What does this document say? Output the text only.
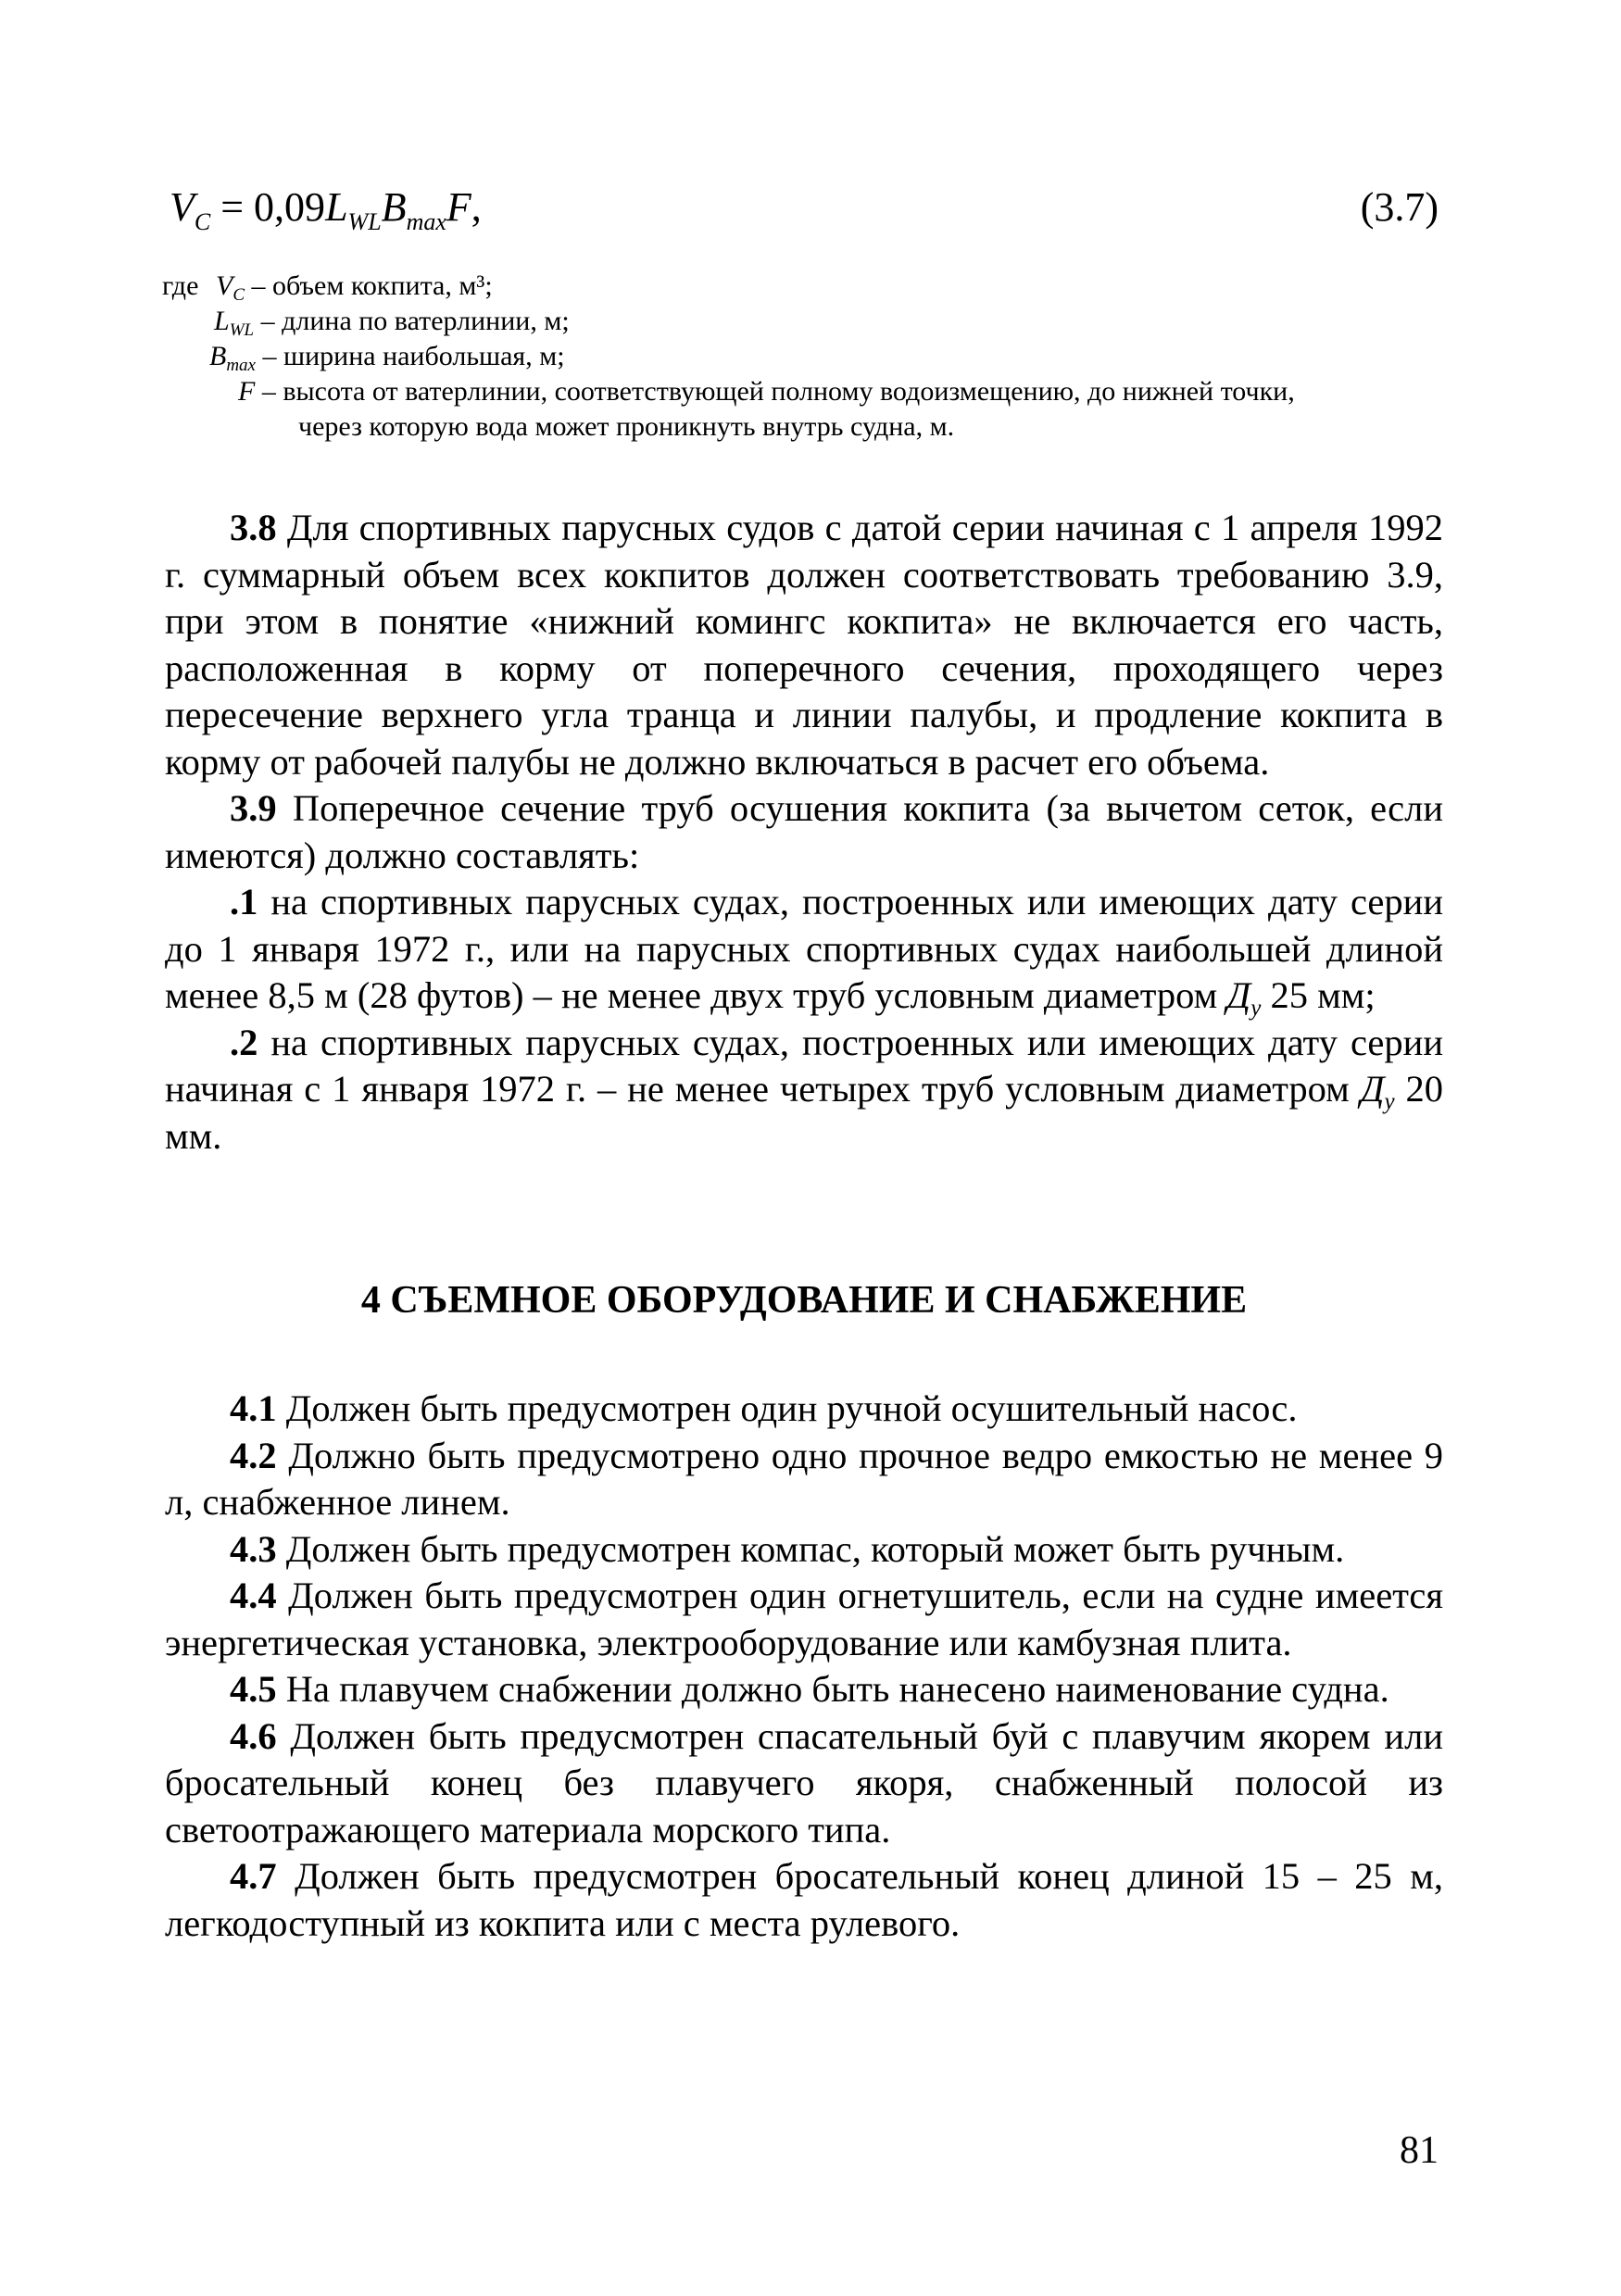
$V_C = 0,09L_{WL}B_{max}F$,	(3.7)
где $V_C$ – объем кокпита, м³;
$L_{WL}$ – длина по ватерлинии, м;
$B_{max}$ – ширина наибольшая, м;
F – высота от ватерлинии, соответствующей полному водоизмещению, до нижней точки,
через которую вода может проникнуть внутрь судна, м.

3.8 Для спортивных парусных судов с датой серии начиная с 1 апреля 1992 г. суммарный объем всех кокпитов должен соответствовать требованию 3.9, при этом в понятие «нижний комингс кокпита» не включается его часть, расположенная в корму от поперечного сечения, проходящего через пересечение верхнего угла транца и линии палубы, и продление кокпита в корму от рабочей палубы не должно включаться в расчет его объема.

3.9 Поперечное сечение труб осушения кокпита (за вычетом сеток, если имеются) должно составлять:

.1 на спортивных парусных судах, построенных или имеющих дату серии до 1 января 1972 г., или на парусных спортивных судах наибольшей длиной менее 8,5 м (28 футов) – не менее двух труб условным диаметром $Д_у$ 25 мм;

.2 на спортивных парусных судах, построенных или имеющих дату серии начиная с 1 января 1972 г. – не менее четырех труб условным диаметром $Д_у$ 20 мм.

4 СЪЕМНОЕ ОБОРУДОВАНИЕ И СНАБЖЕНИЕ

4.1 Должен быть предусмотрен один ручной осушительный насос.

4.2 Должно быть предусмотрено одно прочное ведро емкостью не менее 9 л, снабженное линем.

4.3 Должен быть предусмотрен компас, который может быть ручным.

4.4 Должен быть предусмотрен один огнетушитель, если на судне имеется энергетическая установка, электрооборудование или камбузная плита.

4.5 На плавучем снабжении должно быть нанесено наименование судна.

4.6 Должен быть предусмотрен спасательный буй с плавучим якорем или бросательный конец без плавучего якоря, снабженный полосой из светоотражающего материала морского типа.

4.7 Должен быть предусмотрен бросательный конец длиной 15 – 25 м, легкодоступный из кокпита или с места рулевого.

81
